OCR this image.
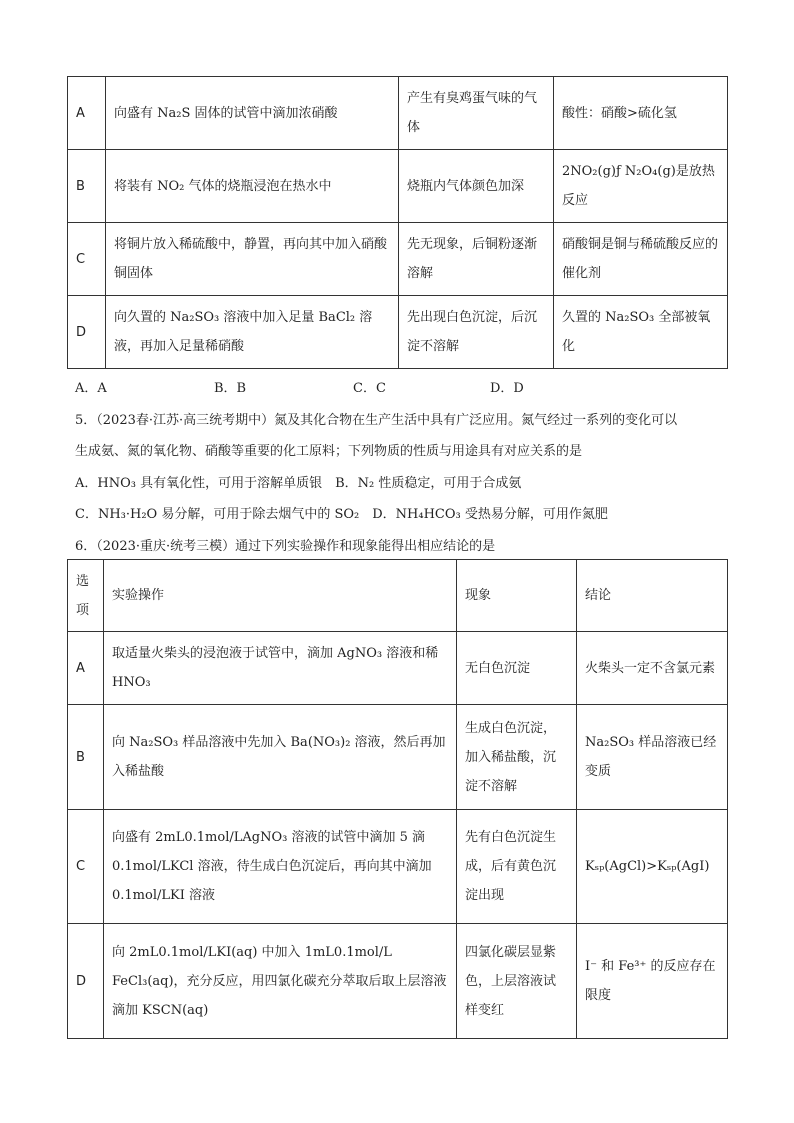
A	向盛有 Na₂S 固体的试管中滴加浓硝酸	产生有臭鸡蛋气味的气体	酸性：硝酸>硫化氢
B	将装有 NO₂ 气体的烧瓶浸泡在热水中	烧瓶内气体颜色加深	2NO₂(g)ƒ N₂O₄(g)是放热反应
C	将铜片放入稀硫酸中，静置，再向其中加入硝酸铜固体	先无现象，后铜粉逐渐溶解	硝酸铜是铜与稀硫酸反应的催化剂
D	向久置的 Na₂SO₃ 溶液中加入足量 BaCl₂ 溶液，再加入足量稀硝酸	先出现白色沉淀，后沉淀不溶解	久置的 Na₂SO₃ 全部被氧化
A．A	B．B	C．C	D．D
5．（2023春·江苏·高三统考期中）氮及其化合物在生产生活中具有广泛应用。氮气经过一系列的变化可以
生成氨、氮的氧化物、硝酸等重要的化工原料；下列物质的性质与用途具有对应关系的是
A．HNO₃ 具有氧化性，可用于溶解单质银　B．N₂ 性质稳定，可用于合成氨
C．NH₃·H₂O 易分解，可用于除去烟气中的 SO₂　D．NH₄HCO₃ 受热易分解，可用作氮肥
6．（2023·重庆·统考三模）通过下列实验操作和现象能得出相应结论的是
选项	实验操作	现象	结论
A	取适量火柴头的浸泡液于试管中，滴加 AgNO₃ 溶液和稀 HNO₃	无白色沉淀	火柴头一定不含氯元素
B	向 Na₂SO₃ 样品溶液中先加入 Ba(NO₃)₂ 溶液，然后再加入稀盐酸	生成白色沉淀，加入稀盐酸，沉淀不溶解	Na₂SO₃ 样品溶液已经变质
C	向盛有 2mL0.1mol/LAgNO₃ 溶液的试管中滴加 5 滴 0.1mol/LKCl 溶液，待生成白色沉淀后，再向其中滴加 0.1mol/LKI 溶液	先有白色沉淀生成，后有黄色沉淀出现	Kₛₚ(AgCl)>Kₛₚ(AgI)
D	向 2mL0.1mol/LKI(aq) 中加入 1mL0.1mol/L FeCl₃(aq)，充分反应，用四氯化碳充分萃取后取上层溶液滴加 KSCN(aq)	四氯化碳层显紫色，上层溶液试样变红	I⁻ 和 Fe³⁺ 的反应存在限度
